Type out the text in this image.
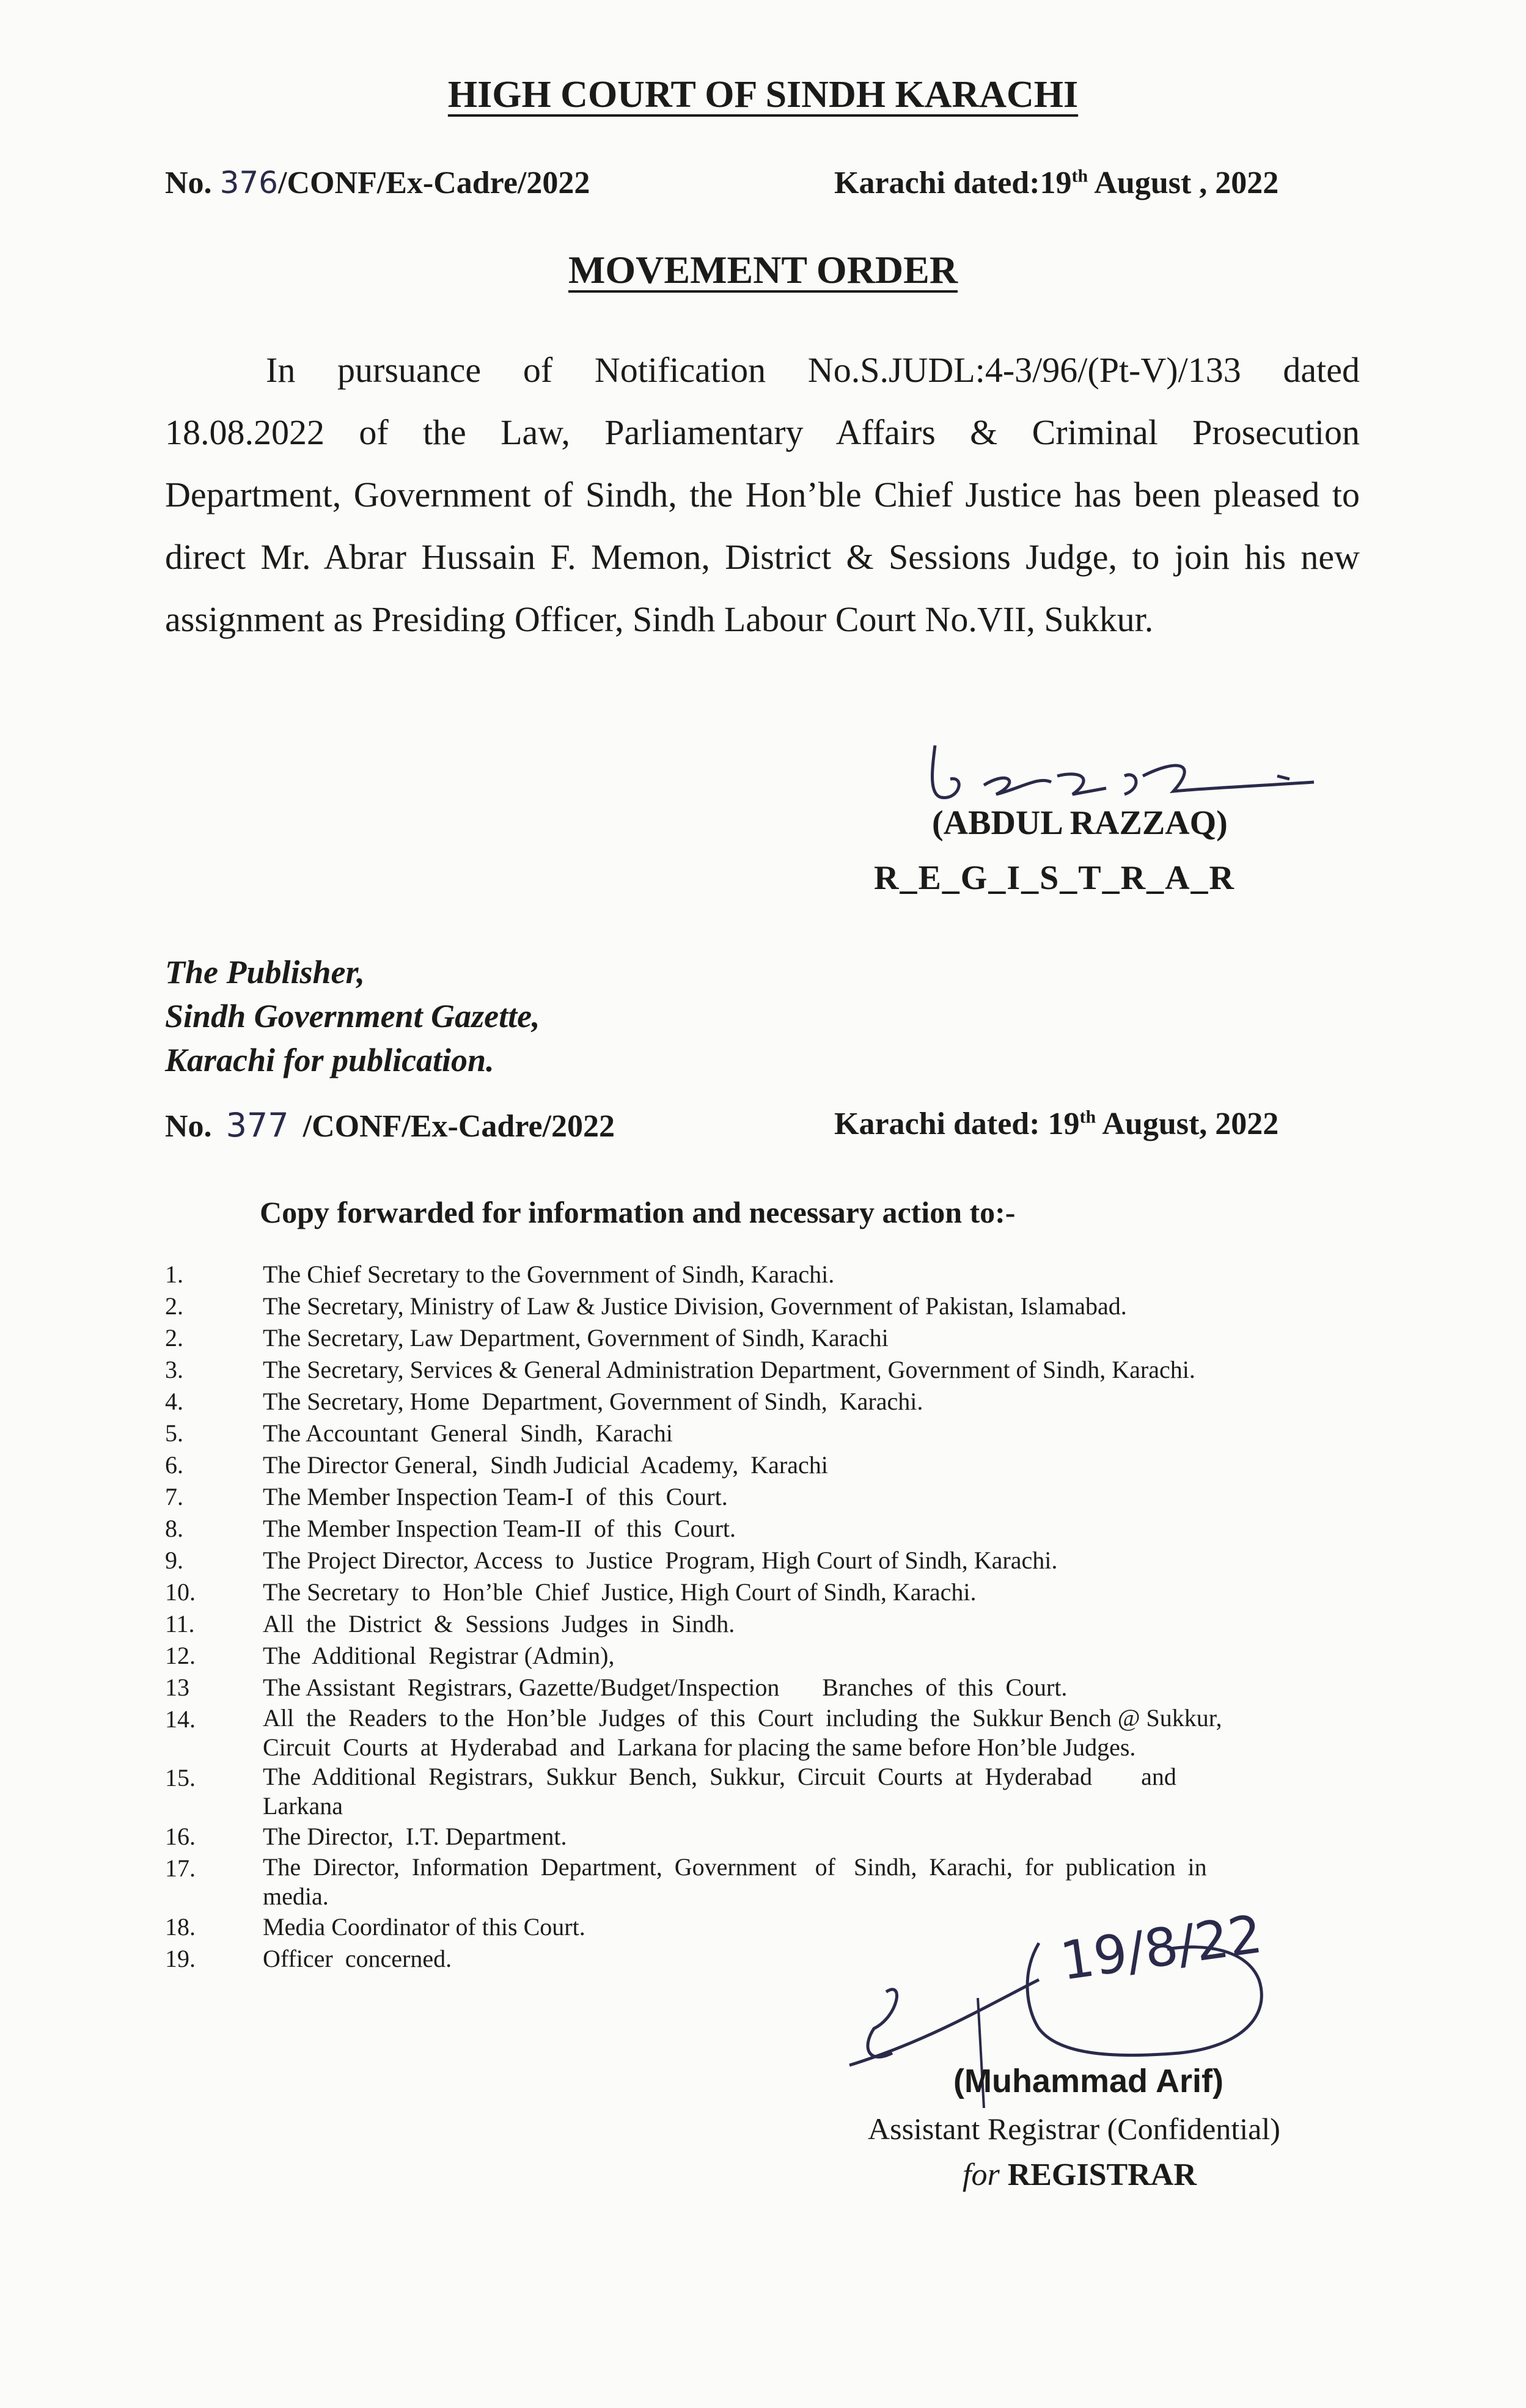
HIGH COURT OF SINDH KARACHI
No. 376/CONF/Ex-Cadre/2022	Karachi dated:19th August , 2022
MOVEMENT ORDER

In pursuance of Notification No.S.JUDL:4-3/96/(Pt-V)/133 dated

18.08.2022 of the Law, Parliamentary Affairs & Criminal Prosecution

Department, Government of Sindh, the Hon’ble Chief Justice has been pleased to

direct Mr. Abrar Hussain F. Memon, District & Sessions Judge, to join his new

assignment as Presiding Officer, Sindh Labour Court No.VII, Sukkur.

(ABDUL RAZZAQ)
R_E_G_I_S_T_R_A_R
The Publisher,
Sindh Government Gazette,
Karachi for publication.
No. 377 /CONF/Ex-Cadre/2022	Karachi dated: 19th August, 2022
Copy forwarded for information and necessary action to:-
1.	The Chief Secretary to the Government of Sindh, Karachi.
2.	The Secretary, Ministry of Law & Justice Division, Government of Pakistan, Islamabad.
2.	The Secretary, Law Department, Government of Sindh, Karachi
3.	The Secretary, Services & General Administration Department, Government of Sindh, Karachi.
4.	The Secretary, Home  Department, Government of Sindh,  Karachi.
5.	The Accountant  General  Sindh,  Karachi
6.	The Director General,  Sindh Judicial  Academy,  Karachi
7.	The Member Inspection Team-I  of  this  Court.
8.	The Member Inspection Team-II  of  this  Court.
9.	The Project Director, Access  to  Justice  Program, High Court of Sindh, Karachi.
10.	The Secretary  to  Hon’ble  Chief  Justice, High Court of Sindh, Karachi.
11.	All  the  District  &  Sessions  Judges  in  Sindh.
12.	The  Additional  Registrar (Admin),
13	The Assistant  Registrars, Gazette/Budget/Inspection       Branches  of  this  Court.
14.	All  the  Readers  to the  Hon’ble  Judges  of  this  Court  including  the  Sukkur Bench @ Sukkur,
Circuit  Courts  at  Hyderabad  and  Larkana for placing the same before Hon’ble Judges.
15.	The  Additional  Registrars,  Sukkur  Bench,  Sukkur,  Circuit  Courts  at  Hyderabad        and
Larkana
16.	The Director,  I.T. Department.
17.	The  Director,  Information  Department,  Government   of   Sindh,  Karachi,  for  publication  in
media.
18.	Media Coordinator of this Court.
19.	Officer  concerned.	19/8/22
(Muhammad Arif)
Assistant Registrar (Confidential)
for REGISTRAR
